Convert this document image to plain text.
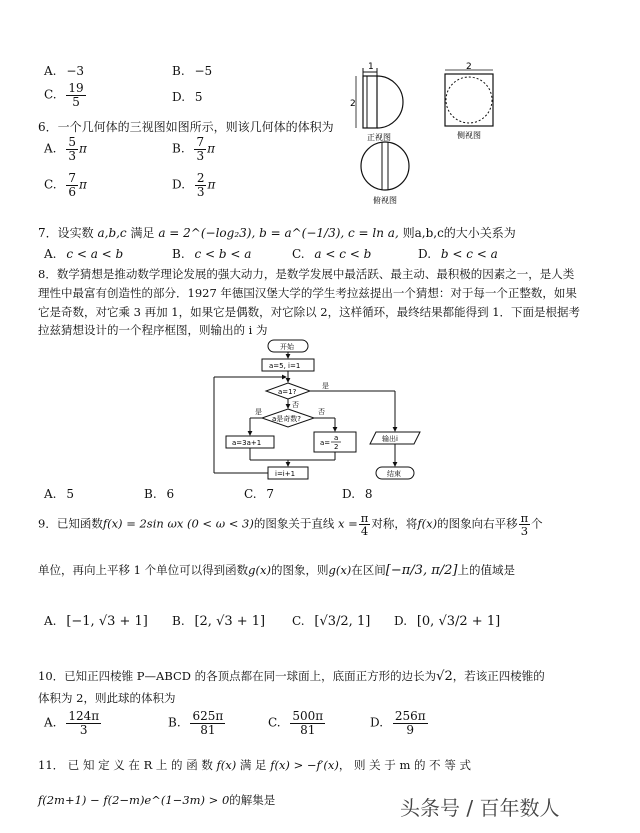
A. −3	B. −5
C. $\frac{19}{5}$	D. 5
1
2
正视图
2
侧视图
俯视图
6．一个几何体的三视图如图所示，则该几何体的体积为
A. $\frac{5}{3}$ π	B. $\frac{7}{3}$ π
C. $\frac{7}{6}$ π	D. $\frac{2}{3}$ π
7．设实数 a,b,c 满足 a = 2^(−log₂3), b = a^(−1/3), c = ln a, 则a,b,c的大小关系为
A. c < a < b	B. c < b < a	C. a < c < b	D. b < c < a
8．数学猜想是推动数学理论发展的强大动力，是数学发展中最活跃、最主动、最积极的因素之一，是人类
理性中最富有创造性的部分．1927 年德国汉堡大学的学生考拉兹提出一个猜想：对于每一个正整数，如果
它是奇数，对它乘 3 再加 1，如果它是偶数，对它除以 2，这样循环，最终结果都能得到 1．下面是根据考
拉兹猜想设计的一个程序框图，则输出的 i 为
开始
a=5, i=1
a=1?
是
否
a是奇数?
是	否
a=3a+1	a=
a
2
i=i+1
输出i
结束
A. 5	B. 6	C. 7	D. 8
9．已知函数f(x) = 2sin ωx (0 < ω < 3)的图象关于直线 $x = \frac{\pi}{4}$ 对称，将f(x)的图象向右平移 $\frac{\pi}{3}$ 个
单位，再向上平移 1 个单位可以得到函数g(x)的图象，则g(x)在区间[−π/3, π/2]上的值域是
A. [−1, √3 + 1] B. [2, √3 + 1] C. [√3/2, 1] D. [0, √3/2 + 1]
10．已知正四棱锥 P—ABCD 的各顶点都在同一球面上，底面正方形的边长为√2，若该正四棱锥的
体积为 2，则此球的体积为
A. $\frac{124\pi}{3}$	B. $\frac{625\pi}{81}$	C. $\frac{500\pi}{81}$	D. $\frac{256\pi}{9}$
11． 已 知 定 义 在 R 上 的 函 数 f(x) 满 足 f(x) > −f′(x)， 则 关 于 m 的 不 等 式
f(2m+1) − f(2−m)e^(1−3m) > 0的解集是	头条号 / 百年数人
